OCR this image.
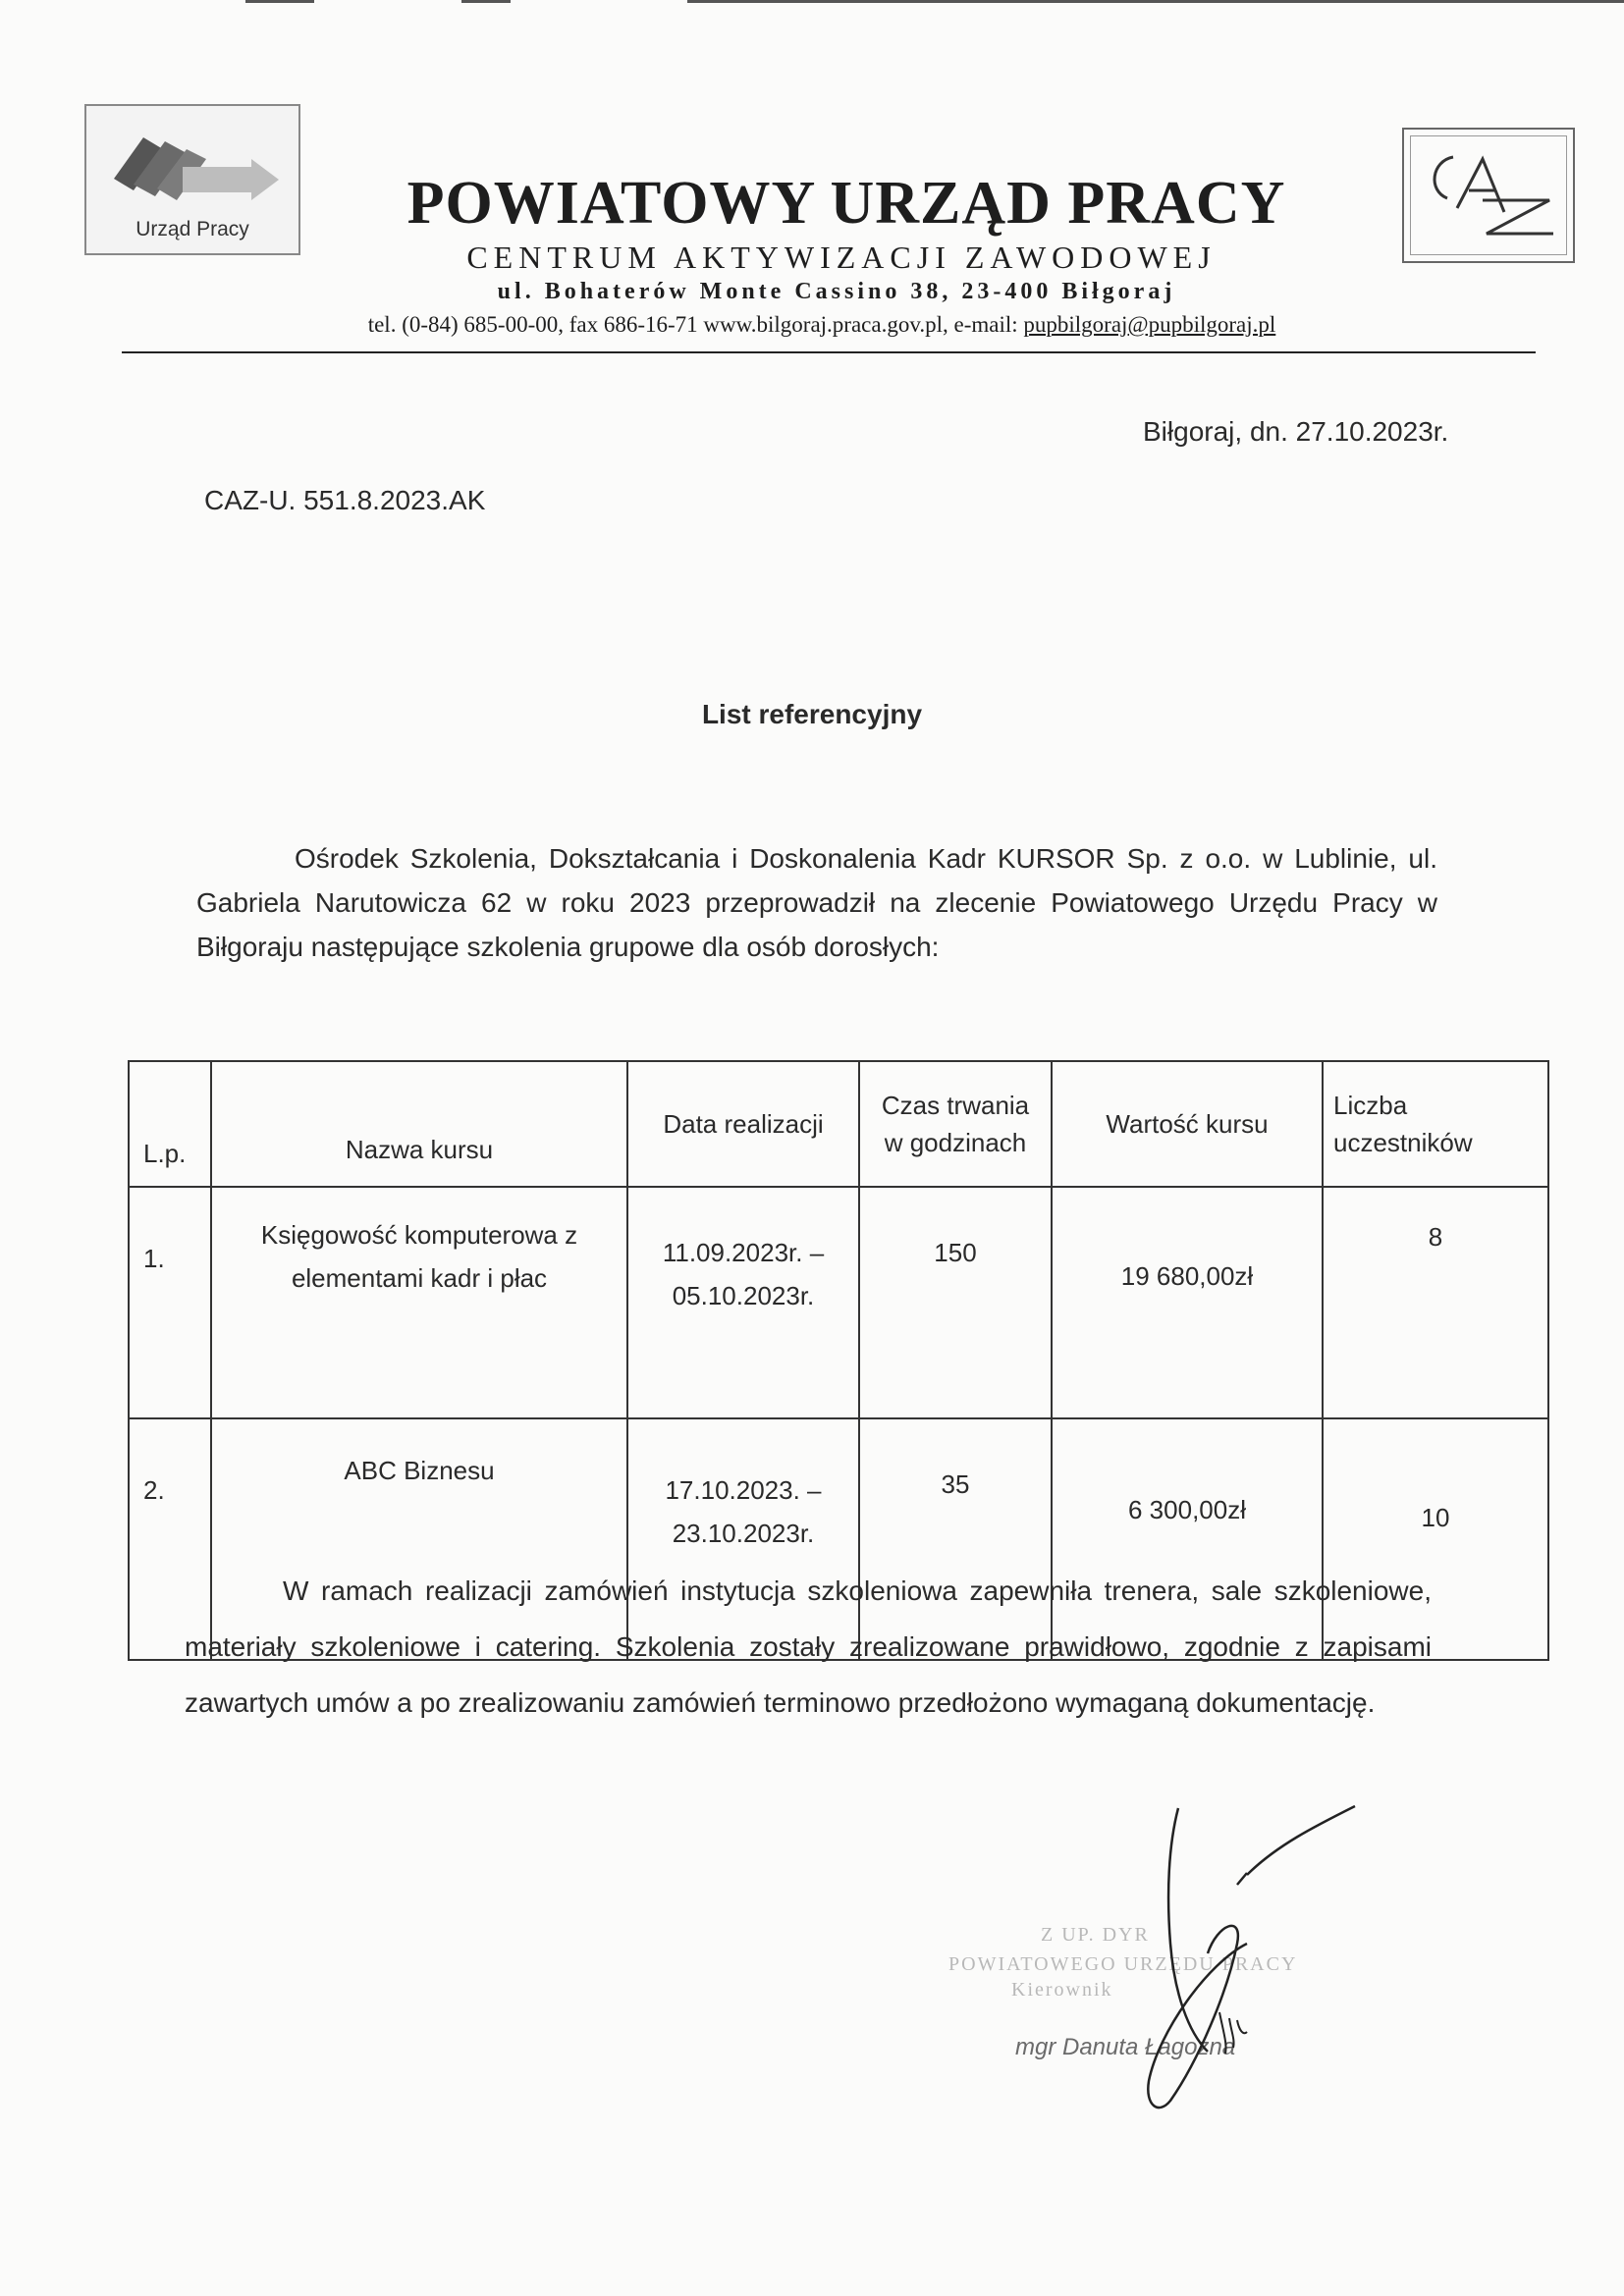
Urząd Pracy	POWIATOWY URZĄD PRACY
CENTRUM AKTYWIZACJI ZAWODOWEJ
ul. Bohaterów Monte Cassino 38, 23-400 Biłgoraj
tel. (0-84) 685-00-00, fax 686-16-71 www.bilgoraj.praca.gov.pl, e-mail: pupbilgoraj@pupbilgoraj.pl
Biłgoraj, dn. 27.10.2023r.
CAZ-U. 551.8.2023.AK
List referencyjny
Ośrodek Szkolenia, Dokształcania i Doskonalenia Kadr KURSOR Sp. z o.o. w Lublinie, ul. Gabriela Narutowicza 62 w roku 2023 przeprowadził na zlecenie Powiatowego Urzędu Pracy w Biłgoraju następujące szkolenia grupowe dla osób dorosłych:
L.p.	Nazwa kursu	Data realizacji	Czas trwania w godzinach	Wartość kursu	Liczba uczestników
1.	Księgowość komputerowa z elementami kadr i płac	11.09.2023r. – 05.10.2023r.	150	19 680,00zł	8
2.	ABC Biznesu	17.10.2023. – 23.10.2023r.	35	6 300,00zł	10
W ramach realizacji zamówień instytucja szkoleniowa zapewniła trenera, sale szkoleniowe, materiały szkoleniowe i catering. Szkolenia zostały zrealizowane prawidłowo, zgodnie z zapisami zawartych umów a po zrealizowaniu zamówień terminowo przedłożono wymaganą dokumentację.
Z UP. DYR
POWIATOWEGO URZĘDU PRACY
Kierownik
mgr Danuta Łagożna
